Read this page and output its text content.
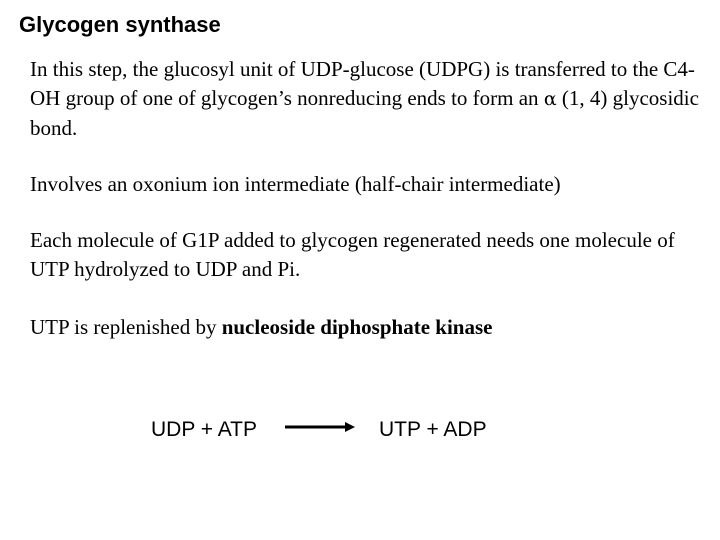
Glycogen synthase
In this step, the glucosyl unit of UDP-glucose (UDPG) is transferred to the C4-OH group of one of glycogen’s nonreducing ends to form an α (1, 4) glycosidic bond.
Involves an oxonium ion intermediate (half-chair intermediate)
Each molecule of G1P added to glycogen regenerated needs one molecule of UTP hydrolyzed to UDP and Pi.
UTP is replenished by nucleoside diphosphate kinase
UDP + ATP	UTP + ADP
